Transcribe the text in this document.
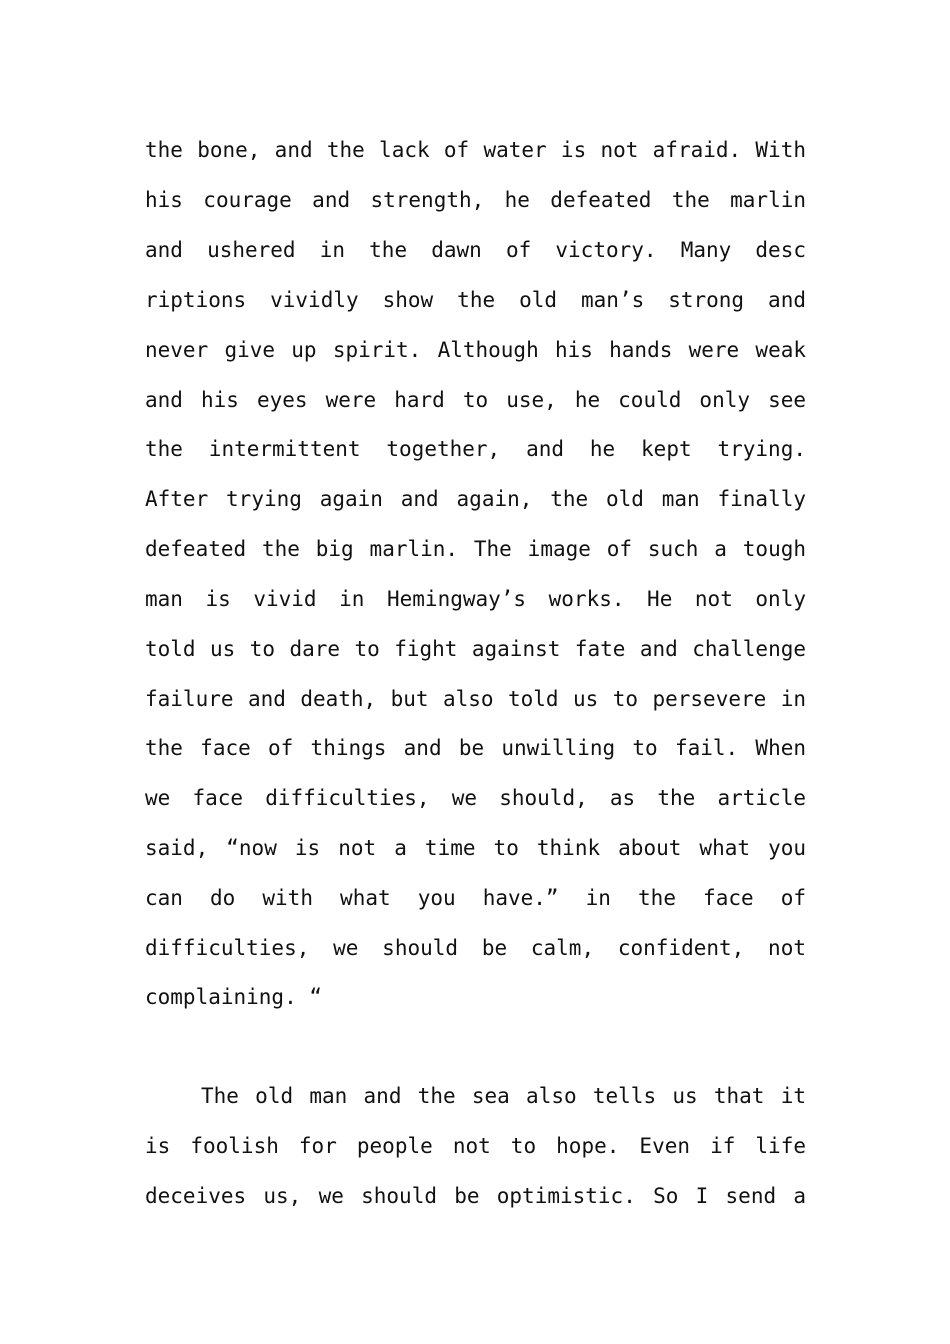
the bone, and the lack of water is not afraid. With
his courage and strength, he defeated the marlin
and ushered in the dawn of victory. Many desc
riptions vividly show the old man’s strong and
never give up spirit. Although his hands were weak
and his eyes were hard to use, he could only see
the intermittent together, and he kept trying.
After trying again and again, the old man finally
defeated the big marlin. The image of such a tough
man is vivid in Hemingway’s works. He not only
told us to dare to fight against fate and challenge
failure and death, but also told us to persevere in
the face of things and be unwilling to fail. When
we face difficulties, we should, as the article
said, “now is not a time to think about what you
can do with what you have.” in the face of
difficulties, we should be calm, confident, not
complaining. “
The old man and the sea also tells us that it
is foolish for people not to hope. Even if life
deceives us, we should be optimistic. So I send a
